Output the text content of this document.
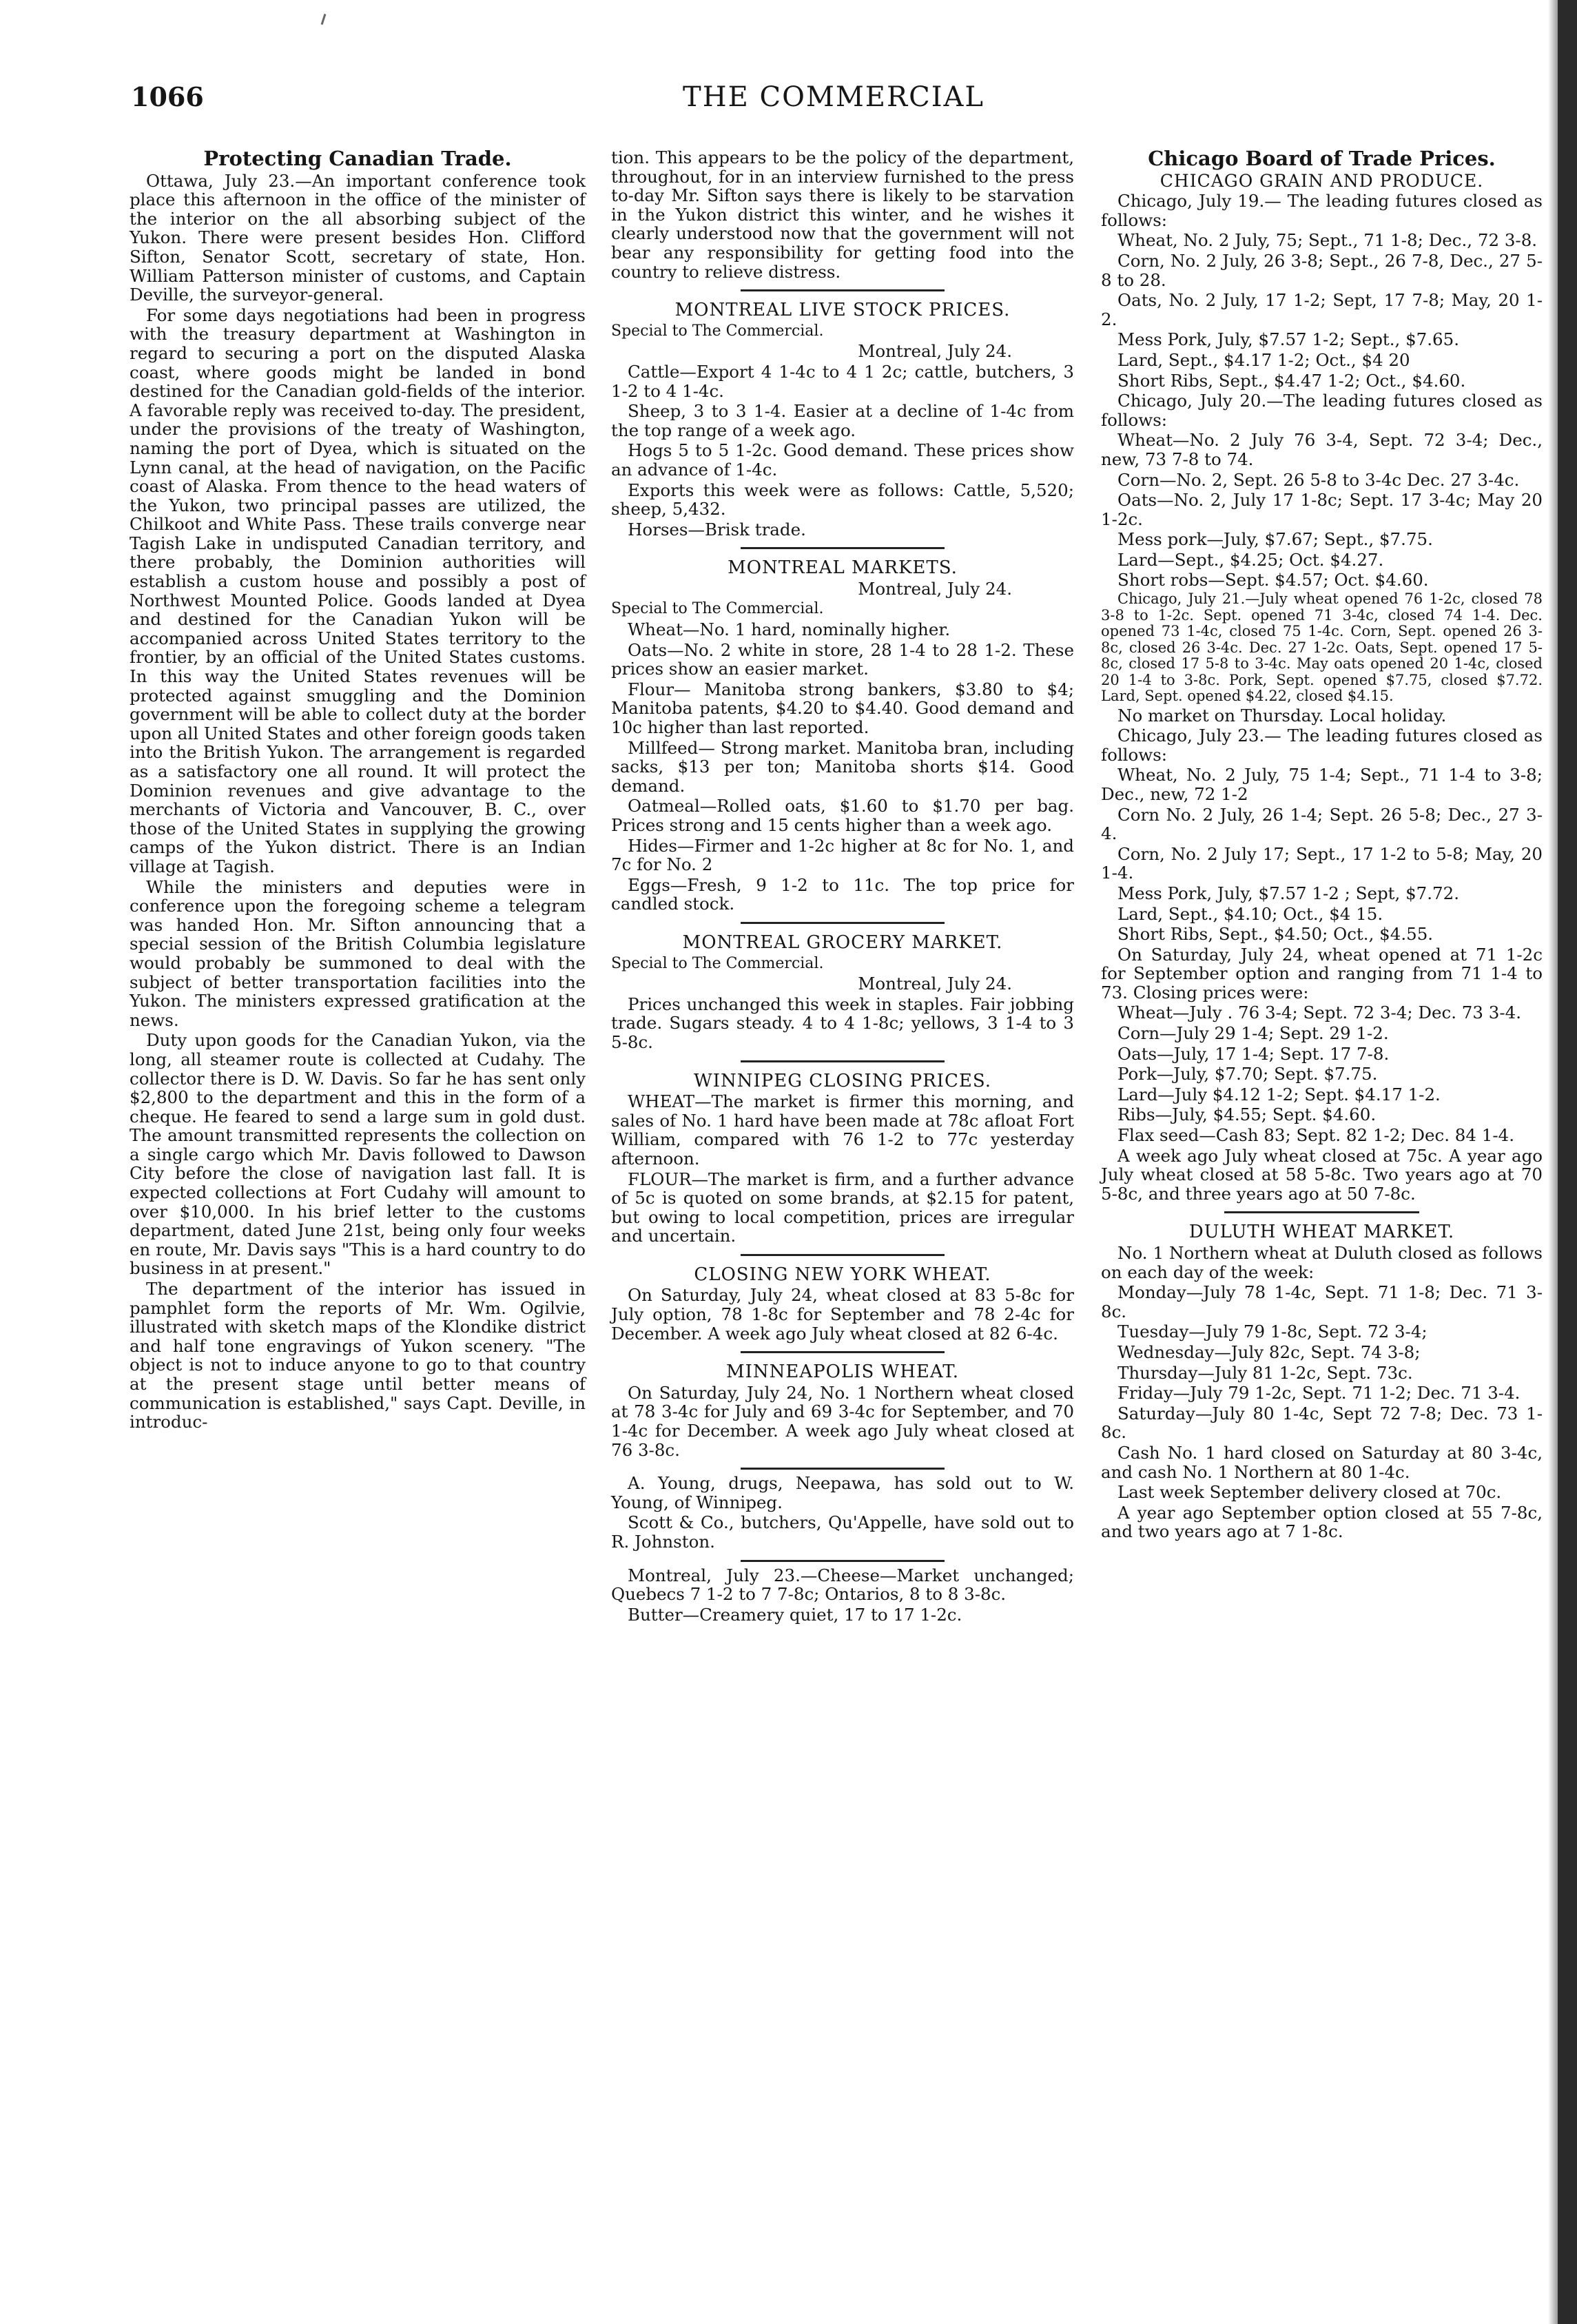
1066	THE COMMERCIAL
Protecting Canadian Trade.

Ottawa, July 23.—An important conference took place this afternoon in the office of the minister of the interior on the all absorbing subject of the Yukon. There were present besides Hon. Clifford Sifton, Senator Scott, secretary of state, Hon. William Patterson minister of customs, and Captain Deville, the surveyor-general.

For some days negotiations had been in progress with the treasury department at Washington in regard to securing a port on the disputed Alaska coast, where goods might be landed in bond destined for the Canadian gold-fields of the interior. A favorable reply was received to-day. The president, under the provisions of the treaty of Washington, naming the port of Dyea, which is situated on the Lynn canal, at the head of navigation, on the Pacific coast of Alaska. From thence to the head waters of the Yukon, two principal passes are utilized, the Chilkoot and White Pass. These trails converge near Tagish Lake in undisputed Canadian territory, and there probably, the Dominion authorities will establish a custom house and possibly a post of Northwest Mounted Police. Goods landed at Dyea and destined for the Canadian Yukon will be accompanied across United States territory to the frontier, by an official of the United States customs. In this way the United States revenues will be protected against smuggling and the Dominion government will be able to collect duty at the border upon all United States and other foreign goods taken into the British Yukon. The arrangement is regarded as a satisfactory one all round. It will protect the Dominion revenues and give advantage to the merchants of Victoria and Vancouver, B. C., over those of the United States in supplying the growing camps of the Yukon district. There is an Indian village at Tagish.

While the ministers and deputies were in conference upon the foregoing scheme a telegram was handed Hon. Mr. Sifton announcing that a special session of the British Columbia legislature would probably be summoned to deal with the subject of better transportation facilities into the Yukon. The ministers expressed gratification at the news.

Duty upon goods for the Canadian Yukon, via the long, all steamer route is collected at Cudahy. The collector there is D. W. Davis. So far he has sent only $2,800 to the department and this in the form of a cheque. He feared to send a large sum in gold dust. The amount transmitted represents the collection on a single cargo which Mr. Davis followed to Dawson City before the close of navigation last fall. It is expected collections at Fort Cudahy will amount to over $10,000. In his brief letter to the customs department, dated June 21st, being only four weeks en route, Mr. Davis says "This is a hard country to do business in at present."

The department of the interior has issued in pamphlet form the reports of Mr. Wm. Ogilvie, illustrated with sketch maps of the Klondike district and half tone engravings of Yukon scenery. "The object is not to induce anyone to go to that country at the present stage until better means of communication is established," says Capt. Deville, in introduc-

tion. This appears to be the policy of the department, throughout, for in an interview furnished to the press to-day Mr. Sifton says there is likely to be starvation in the Yukon district this winter, and he wishes it clearly understood now that the government will not bear any responsibility for getting food into the country to relieve distress.

MONTREAL LIVE STOCK PRICES.

Special to The Commercial.

Montreal, July 24.

Cattle—Export 4 1-4c to 4 1 2c; cattle, butchers, 3 1-2 to 4 1-4c.

Sheep, 3 to 3 1-4. Easier at a decline of 1-4c from the top range of a week ago.

Hogs 5 to 5 1-2c. Good demand. These prices show an advance of 1-4c.

Exports this week were as follows: Cattle, 5,520; sheep, 5,432.

Horses—Brisk trade.

MONTREAL MARKETS.

Montreal, July 24.

Special to The Commercial.

Wheat—No. 1 hard, nominally higher.

Oats—No. 2 white in store, 28 1-4 to 28 1-2. These prices show an easier market.

Flour— Manitoba strong bankers, $3.80 to $4; Manitoba patents, $4.20 to $4.40. Good demand and 10c higher than last reported.

Millfeed— Strong market. Manitoba bran, including sacks, $13 per ton; Manitoba shorts $14. Good demand.

Oatmeal—Rolled oats, $1.60 to $1.70 per bag. Prices strong and 15 cents higher than a week ago.

Hides—Firmer and 1-2c higher at 8c for No. 1, and 7c for No. 2

Eggs—Fresh, 9 1-2 to 11c. The top price for candled stock.

MONTREAL GROCERY MARKET.

Special to The Commercial.

Montreal, July 24.

Prices unchanged this week in staples. Fair jobbing trade. Sugars steady. 4 to 4 1-8c; yellows, 3 1-4 to 3 5-8c.

WINNIPEG CLOSING PRICES.

WHEAT—The market is firmer this morning, and sales of No. 1 hard have been made at 78c afloat Fort William, compared with 76 1-2 to 77c yesterday afternoon.

FLOUR—The market is firm, and a further advance of 5c is quoted on some brands, at $2.15 for patent, but owing to local competition, prices are irregular and uncertain.

CLOSING NEW YORK WHEAT.

On Saturday, July 24, wheat closed at 83 5-8c for July option, 78 1-8c for September and 78 2-4c for December. A week ago July wheat closed at 82 6-4c.

MINNEAPOLIS WHEAT.

On Saturday, July 24, No. 1 Northern wheat closed at 78 3-4c for July and 69 3-4c for September, and 70 1-4c for December. A week ago July wheat closed at 76 3-8c.

A. Young, drugs, Neepawa, has sold out to W. Young, of Winnipeg.

Scott & Co., butchers, Qu'Appelle, have sold out to R. Johnston.

Montreal, July 23.—Cheese—Market unchanged; Quebecs 7 1-2 to 7 7-8c; Ontarios, 8 to 8 3-8c.

Butter—Creamery quiet, 17 to 17 1-2c.

Chicago Board of Trade Prices.
CHICAGO GRAIN AND PRODUCE.

Chicago, July 19.— The leading futures closed as follows:

Wheat, No. 2 July, 75; Sept., 71 1-8; Dec., 72 3-8.

Corn, No. 2 July, 26 3-8; Sept., 26 7-8, Dec., 27 5-8 to 28.

Oats, No. 2 July, 17 1-2; Sept, 17 7-8; May, 20 1-2.

Mess Pork, July, $7.57 1-2; Sept., $7.65.

Lard, Sept., $4.17 1-2; Oct., $4 20

Short Ribs, Sept., $4.47 1-2; Oct., $4.60.

Chicago, July 20.—The leading futures closed as follows:

Wheat—No. 2 July 76 3-4, Sept. 72 3-4; Dec., new, 73 7-8 to 74.

Corn—No. 2, Sept. 26 5-8 to 3-4c Dec. 27 3-4c.

Oats—No. 2, July 17 1-8c; Sept. 17 3-4c; May 20 1-2c.

Mess pork—July, $7.67; Sept., $7.75.

Lard—Sept., $4.25; Oct. $4.27.

Short robs—Sept. $4.57; Oct. $4.60.

Chicago, July 21.—July wheat opened 76 1-2c, closed 78 3-8 to 1-2c. Sept. opened 71 3-4c, closed 74 1-4. Dec. opened 73 1-4c, closed 75 1-4c. Corn, Sept. opened 26 3-8c, closed 26 3-4c. Dec. 27 1-2c. Oats, Sept. opened 17 5-8c, closed 17 5-8 to 3-4c. May oats opened 20 1-4c, closed 20 1-4 to 3-8c. Pork, Sept. opened $7.75, closed $7.72. Lard, Sept. opened $4.22, closed $4.15.

No market on Thursday. Local holiday.

Chicago, July 23.— The leading futures closed as follows:

Wheat, No. 2 July, 75 1-4; Sept., 71 1-4 to 3-8; Dec., new, 72 1-2

Corn No. 2 July, 26 1-4; Sept. 26 5-8; Dec., 27 3-4.

Corn, No. 2 July 17; Sept., 17 1-2 to 5-8; May, 20 1-4.

Mess Pork, July, $7.57 1-2 ; Sept, $7.72.

Lard, Sept., $4.10; Oct., $4 15.

Short Ribs, Sept., $4.50; Oct., $4.55.

On Saturday, July 24, wheat opened at 71 1-2c for September option and ranging from 71 1-4 to 73. Closing prices were:

Wheat—July . 76 3-4; Sept. 72 3-4; Dec. 73 3-4.

Corn—July 29 1-4; Sept. 29 1-2.

Oats—July, 17 1-4; Sept. 17 7-8.

Pork—July, $7.70; Sept. $7.75.

Lard—July $4.12 1-2; Sept. $4.17 1-2.

Ribs—July, $4.55; Sept. $4.60.

Flax seed—Cash 83; Sept. 82 1-2; Dec. 84 1-4.

A week ago July wheat closed at 75c. A year ago July wheat closed at 58 5-8c. Two years ago at 70 5-8c, and three years ago at 50 7-8c.

DULUTH WHEAT MARKET.

No. 1 Northern wheat at Duluth closed as follows on each day of the week:

Monday—July 78 1-4c, Sept. 71 1-8; Dec. 71 3-8c.

Tuesday—July 79 1-8c, Sept. 72 3-4;

Wednesday—July 82c, Sept. 74 3-8;

Thursday—July 81 1-2c, Sept. 73c.

Friday—July 79 1-2c, Sept. 71 1-2; Dec. 71 3-4.

Saturday—July 80 1-4c, Sept 72 7-8; Dec. 73 1-8c.

Cash No. 1 hard closed on Saturday at 80 3-4c, and cash No. 1 Northern at 80 1-4c.

Last week September delivery closed at 70c.

A year ago September option closed at 55 7-8c, and two years ago at 7 1-8c.
